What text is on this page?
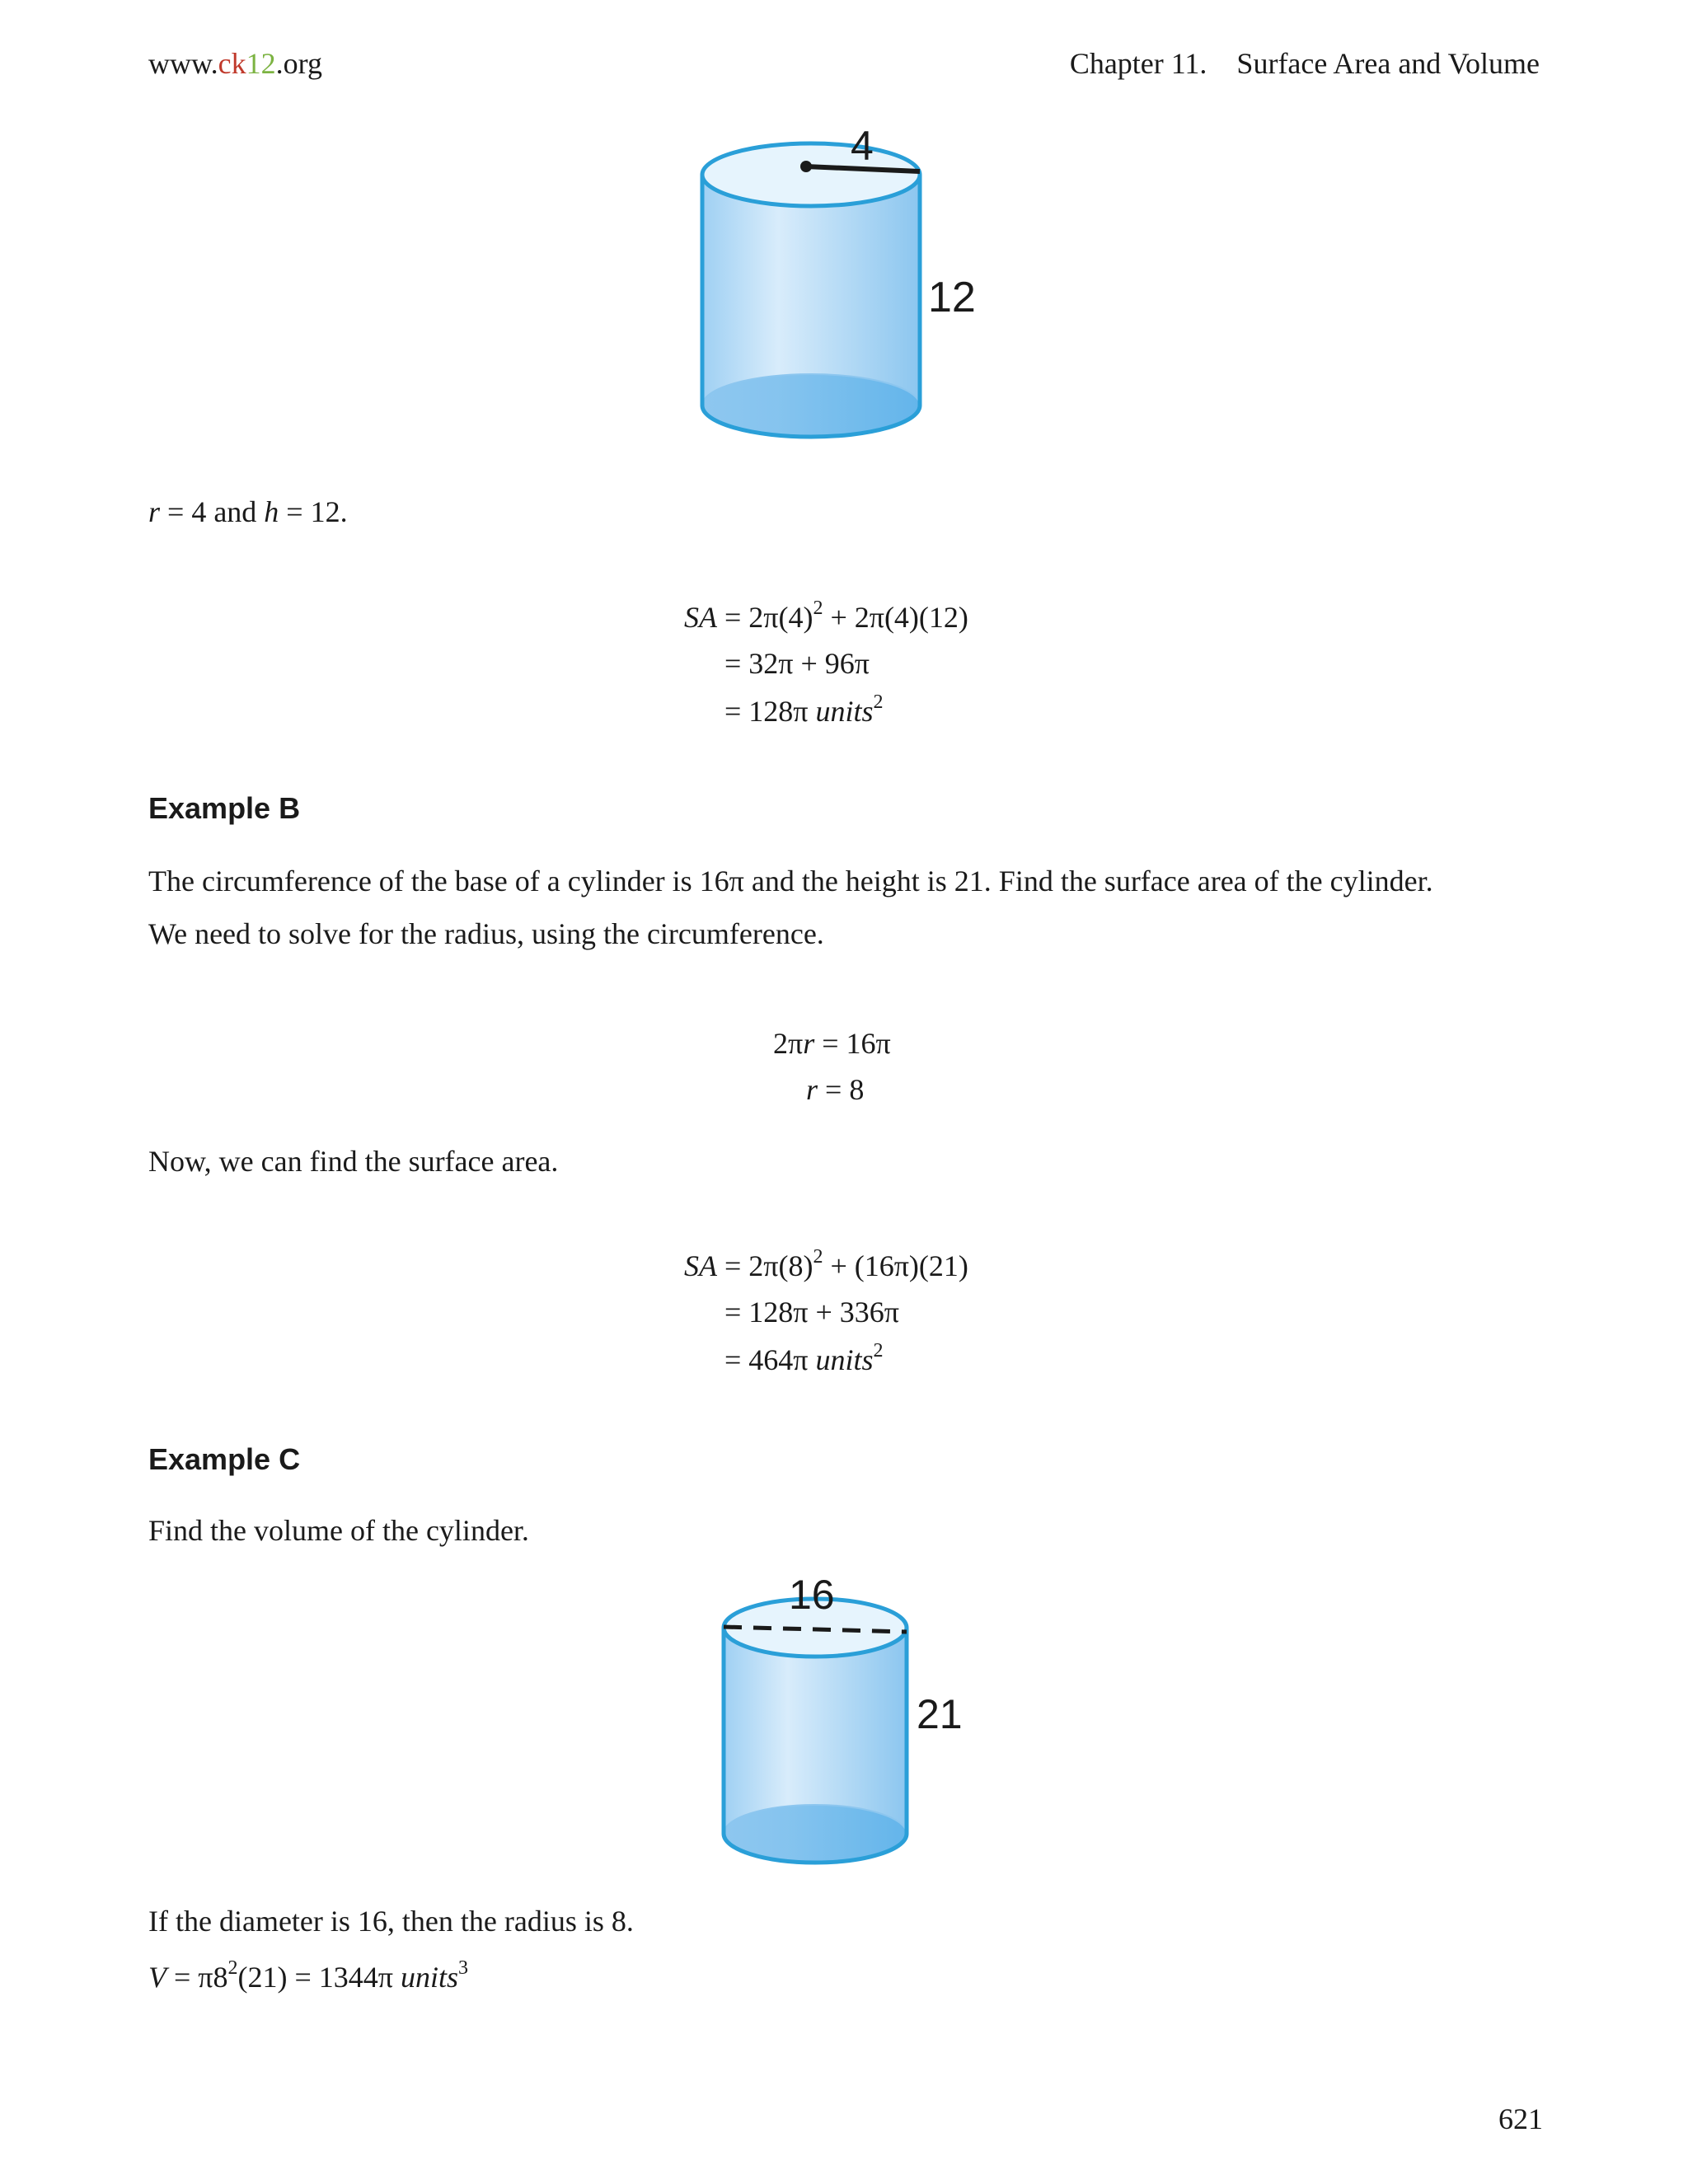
www.ck12.org	Chapter 11. Surface Area and Volume
4
12
r = 4 and h = 12.
SA = $2\pi(4)^2 + 2\pi(4)(12)$
= 32π + 96π
= 128π units$^2$
Example B
The circumference of the base of a cylinder is 16π and the height is 21. Find the surface area of the cylinder.
We need to solve for the radius, using the circumference.
2πr = 16π
r = 8
Now, we can find the surface area.
SA = $2\pi(8)^2 + (16\pi)(21)$
= 128π + 336π
= 464π units$^2$
Example C
Find the volume of the cylinder.
16
21
If the diameter is 16, then the radius is 8.
$V = \pi 8^2(21) = 1344\pi$ units$^3$
621
